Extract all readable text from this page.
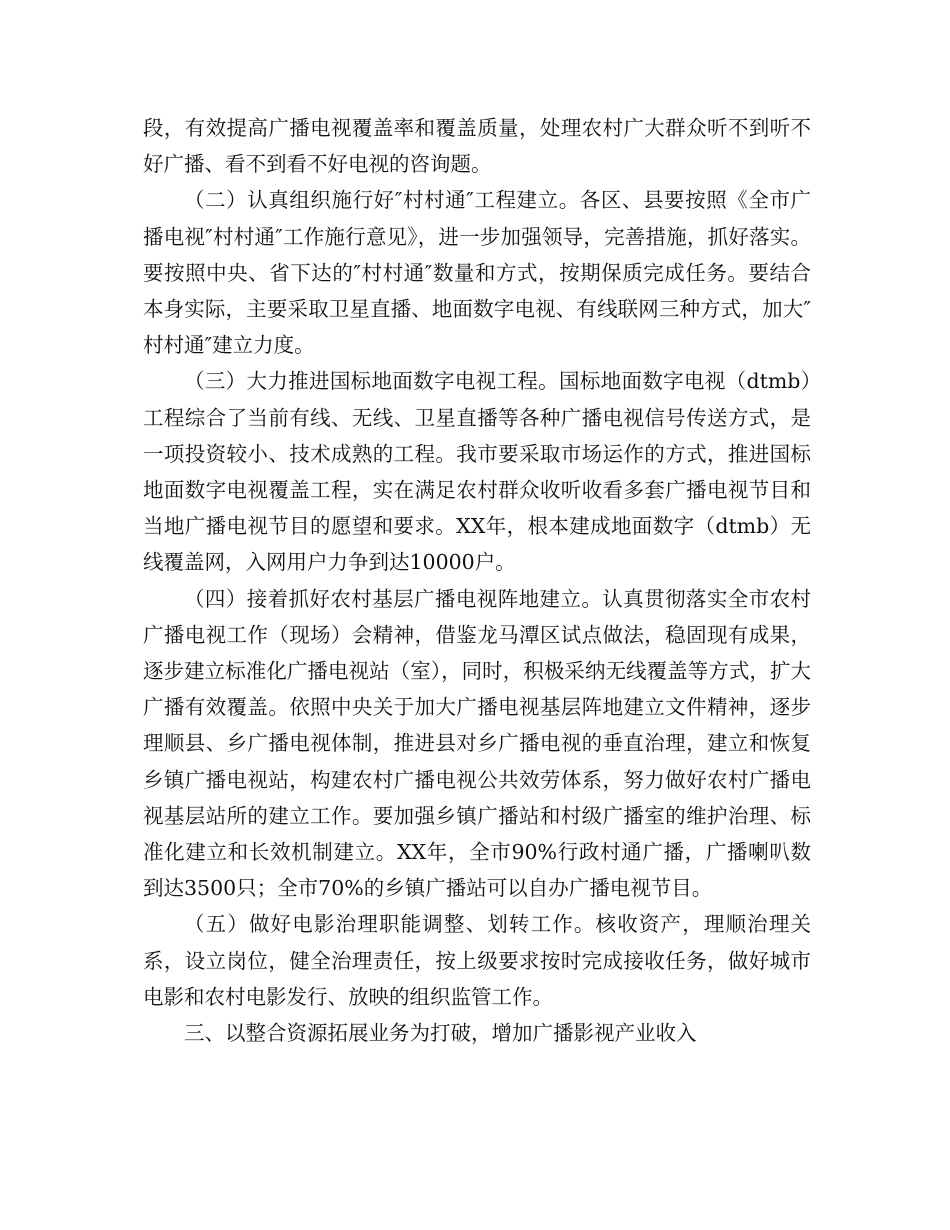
段，有效提高广播电视覆盖率和覆盖质量，处理农村广大群众听不到听不好广播、看不到看不好电视的咨询题。

（二）认真组织施行好″村村通″工程建立。各区、县要按照《全市广播电视″村村通″工作施行意见》，进一步加强领导，完善措施，抓好落实。要按照中央、省下达的″村村通″数量和方式，按期保质完成任务。要结合本身实际，主要采取卫星直播、地面数字电视、有线联网三种方式，加大″村村通″建立力度。

（三）大力推进国标地面数字电视工程。国标地面数字电视（dtmb）工程综合了当前有线、无线、卫星直播等各种广播电视信号传送方式，是一项投资较小、技术成熟的工程。我市要采取市场运作的方式，推进国标地面数字电视覆盖工程，实在满足农村群众收听收看多套广播电视节目和当地广播电视节目的愿望和要求。XX年，根本建成地面数字（dtmb）无线覆盖网，入网用户力争到达10000户。

（四）接着抓好农村基层广播电视阵地建立。认真贯彻落实全市农村广播电视工作（现场）会精神，借鉴龙马潭区试点做法，稳固现有成果，逐步建立标准化广播电视站（室），同时，积极采纳无线覆盖等方式，扩大广播有效覆盖。依照中央关于加大广播电视基层阵地建立文件精神，逐步理顺县、乡广播电视体制，推进县对乡广播电视的垂直治理，建立和恢复乡镇广播电视站，构建农村广播电视公共效劳体系，努力做好农村广播电视基层站所的建立工作。要加强乡镇广播站和村级广播室的维护治理、标准化建立和长效机制建立。XX年，全市90%行政村通广播，广播喇叭数到达3500只；全市70%的乡镇广播站可以自办广播电视节目。

（五）做好电影治理职能调整、划转工作。核收资产，理顺治理关系，设立岗位，健全治理责任，按上级要求按时完成接收任务，做好城市电影和农村电影发行、放映的组织监管工作。

三、以整合资源拓展业务为打破，增加广播影视产业收入
